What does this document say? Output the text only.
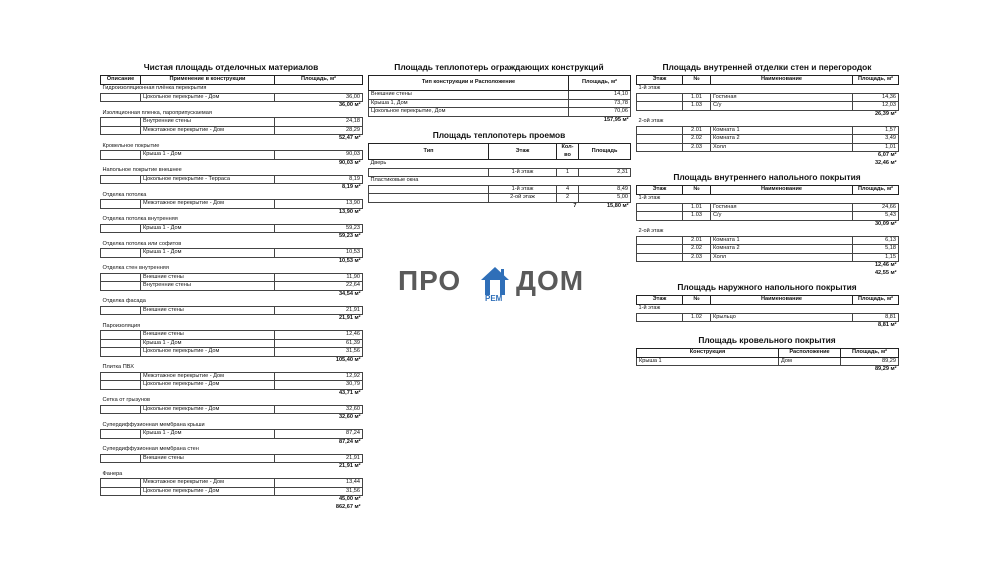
Чистая площадь отделочных материалов
Описание	Применение в конструкции	Площадь, м²
Гидроизоляционная плёнка перекрытия		
	Цокольное перекрытие - Дом	36,00
36,00 м²		
Изоляционная пленка, пароприпускаемая		
	Внутренние стены	24,18
	Межэтажное перекрытие - Дом	28,29
52,47 м²		
Кровельное покрытие		
	Крыша 1 - Дом	90,03
90,03 м²		
Напольное покрытие внешнее		
	Цокольное перекрытие - Терраса	8,19
8,19 м²		
Отделка потолка		
	Межэтажное перекрытие - Дом	13,90
13,90 м²		
Отделка потолка внутренняя		
	Крыша 1 - Дом	59,23
59,23 м²		
Отделка потолка или софитов		
	Крыша 1 - Дом	10,53
10,53 м²		
Отделка стен внутренняя		
	Внешние стены	11,90
	Внутренние стены	22,64
34,54 м²		
Отделка фасада		
	Внешние стены	21,91
21,91 м²		
Пароизоляция		
	Внешние стены	12,46
	Крыша 1 - Дом	61,39
	Цокольное перекрытие - Дом	31,56
105,40 м²		
Плитка ПВХ		
	Межэтажное перекрытие - Дом	12,92
	Цокольное перекрытие - Дом	30,79
43,71 м²		
Сетка от грызунов		
	Цокольное перекрытие - Дом	32,60
32,60 м²		
Супердиффузионная мембрана крыши		
	Крыша 1 - Дом	87,24
87,24 м²		
Супердиффузионная мембрана стен		
	Внешние стены	21,91
21,91 м²		
Фанера		
	Межэтажное перекрытие - Дом	13,44
	Цокольное перекрытие - Дом	31,56
45,00 м²		
862,67 м²		
Площадь теплопотерь ограждающих конструкций
Тип конструкции и Расположение	Площадь, м²
Внешние стены	14,10
Крыша 1, Дом	73,78
Цокольное перекрытие, Дом	70,06
157,95 м²	
Площадь теплопотерь проемов
Тип	Этаж	Кол-во	Площадь
Дверь			
	1-й этаж	1	2,31
Пластиковые окна			
	1-й этаж	4	8,49
	2-ой этаж	2	5,00
		7	15,80 м²
Площадь внутренней отделки стен и перегородок
Этаж	№	Наименование	Площадь, м²
1-й этаж			
	1.01	Гостиная	14,36
	1.03	С/у	12,03
26,39 м²			
2-ой этаж			
	2.01	Комната 1	1,57
	2.02	Комната 2	3,49
	2.03	Холл	1,01
6,07 м²			
32,46 м²			
Площадь внутреннего напольного покрытия
Этаж	№	Наименование	Площадь, м²
1-й этаж			
	1.01	Гостиная	24,66
	1.03	С/у	5,43
30,09 м²			
2-ой этаж			
	2.01	Комната 1	6,13
	2.02	Комната 2	5,18
	2.03	Холл	1,15
12,46 м²			
42,55 м²			
Площадь наружного напольного покрытия
Этаж	№	Наименование	Площадь, м²
1-й этаж			
	1.02	Крыльцо	8,81
8,81 м²			
Площадь кровельного покрытия
Конструкция	Расположение	Площадь, м²
Крыша 1	Дом	89,29
89,29 м²		
ПРО
РЕМ
ДОМ
